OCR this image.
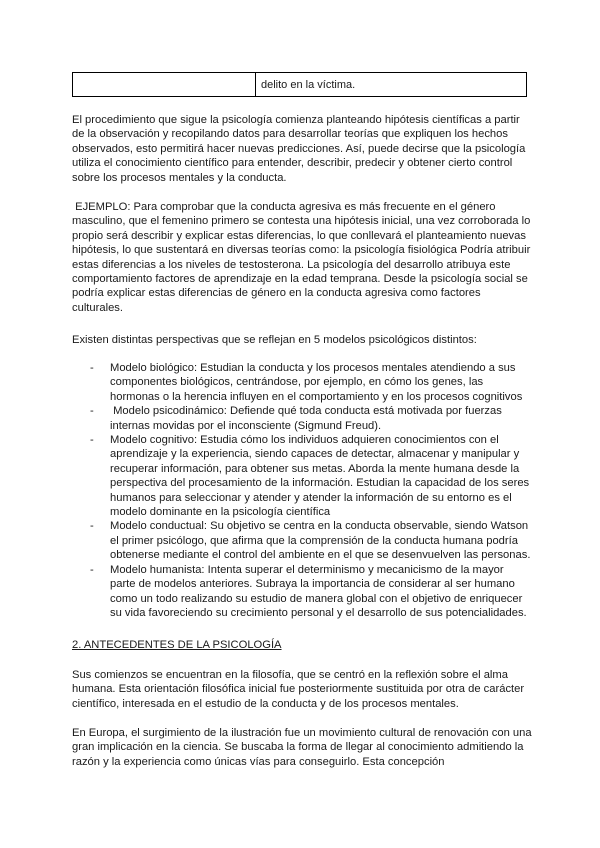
delito en la víctima.

El procedimiento que sigue la psicología comienza planteando hipótesis científicas a partir de la observación y recopilando datos para desarrollar teorías que expliquen los hechos observados, esto permitirá hacer nuevas predicciones. Así, puede decirse que la psicología utiliza el conocimiento científico para entender, describir, predecir y obtener cierto control sobre los procesos mentales y la conducta.

EJEMPLO: Para comprobar que la conducta agresiva es más frecuente en el género masculino, que el femenino primero se contesta una hipótesis inicial, una vez corroborada lo propio será describir y explicar estas diferencias, lo que conllevará el planteamiento nuevas hipótesis, lo que sustentará en diversas teorías como: la psicología fisiológica Podría atribuir estas diferencias a los niveles de testosterona. La psicología del desarrollo atribuya este comportamiento factores de aprendizaje en la edad temprana. Desde la psicología social se podría explicar estas diferencias de género en la conducta agresiva como factores culturales.

Existen distintas perspectivas que se reflejan en 5 modelos psicológicos distintos:

- Modelo biológico: Estudian la conducta y los procesos mentales atendiendo a sus componentes biológicos, centrándose, por ejemplo, en cómo los genes, las hormonas o la herencia influyen en el comportamiento y en los procesos cognitivos
- Modelo psicodinámico: Defiende qué toda conducta está motivada por fuerzas internas movidas por el inconsciente (Sigmund Freud).
- Modelo cognitivo: Estudia cómo los individuos adquieren conocimientos con el aprendizaje y la experiencia, siendo capaces de detectar, almacenar y manipular y recuperar información, para obtener sus metas. Aborda la mente humana desde la perspectiva del procesamiento de la información. Estudian la capacidad de los seres humanos para seleccionar y atender y atender la información de su entorno es el modelo dominante en la psicología científica
- Modelo conductual: Su objetivo se centra en la conducta observable, siendo Watson el primer psicólogo, que afirma que la comprensión de la conducta humana podría obtenerse mediante el control del ambiente en el que se desenvuelven las personas.
- Modelo humanista: Intenta superar el determinismo y mecanicismo de la mayor parte de modelos anteriores. Subraya la importancia de considerar al ser humano como un todo realizando su estudio de manera global con el objetivo de enriquecer su vida favoreciendo su crecimiento personal y el desarrollo de sus potencialidades.

2. ANTECEDENTES DE LA PSICOLOGÍA

Sus comienzos se encuentran en la filosofía, que se centró en la reflexión sobre el alma humana. Esta orientación filosófica inicial fue posteriormente sustituida por otra de carácter científico, interesada en el estudio de la conducta y de los procesos mentales.

En Europa, el surgimiento de la ilustración fue un movimiento cultural de renovación con una gran implicación en la ciencia. Se buscaba la forma de llegar al conocimiento admitiendo la razón y la experiencia como únicas vías para conseguirlo. Esta concepción
